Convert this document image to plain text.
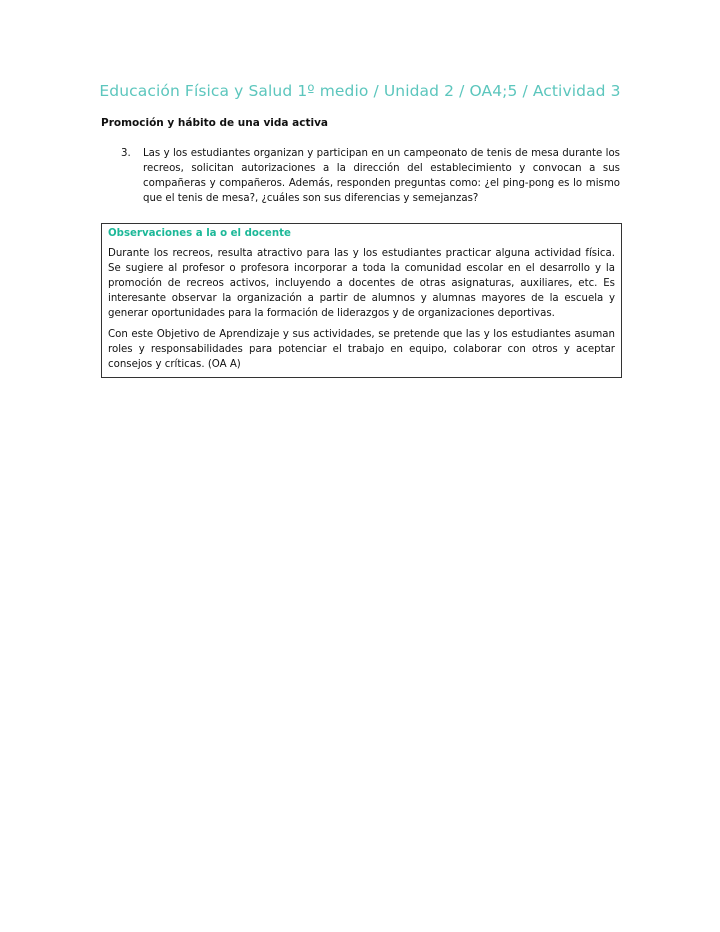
Educación Física y Salud 1º medio / Unidad 2 / OA4;5 / Actividad 3
Promoción y hábito de una vida activa
3. Las y los estudiantes organizan y participan en un campeonato de tenis de mesa durante los recreos, solicitan autorizaciones a la dirección del establecimiento y convocan a sus compañeras y compañeros. Además, responden preguntas como: ¿el ping-pong es lo mismo que el tenis de mesa?, ¿cuáles son sus diferencias y semejanzas?
Observaciones a la o el docente

Durante los recreos, resulta atractivo para las y los estudiantes practicar alguna actividad física. Se sugiere al profesor o profesora incorporar a toda la comunidad escolar en el desarrollo y la promoción de recreos activos, incluyendo a docentes de otras asignaturas, auxiliares, etc. Es interesante observar la organización a partir de alumnos y alumnas mayores de la escuela y generar oportunidades para la formación de liderazgos y de organizaciones deportivas.

Con este Objetivo de Aprendizaje y sus actividades, se pretende que las y los estudiantes asuman roles y responsabilidades para potenciar el trabajo en equipo, colaborar con otros y aceptar consejos y críticas. (OA A)
